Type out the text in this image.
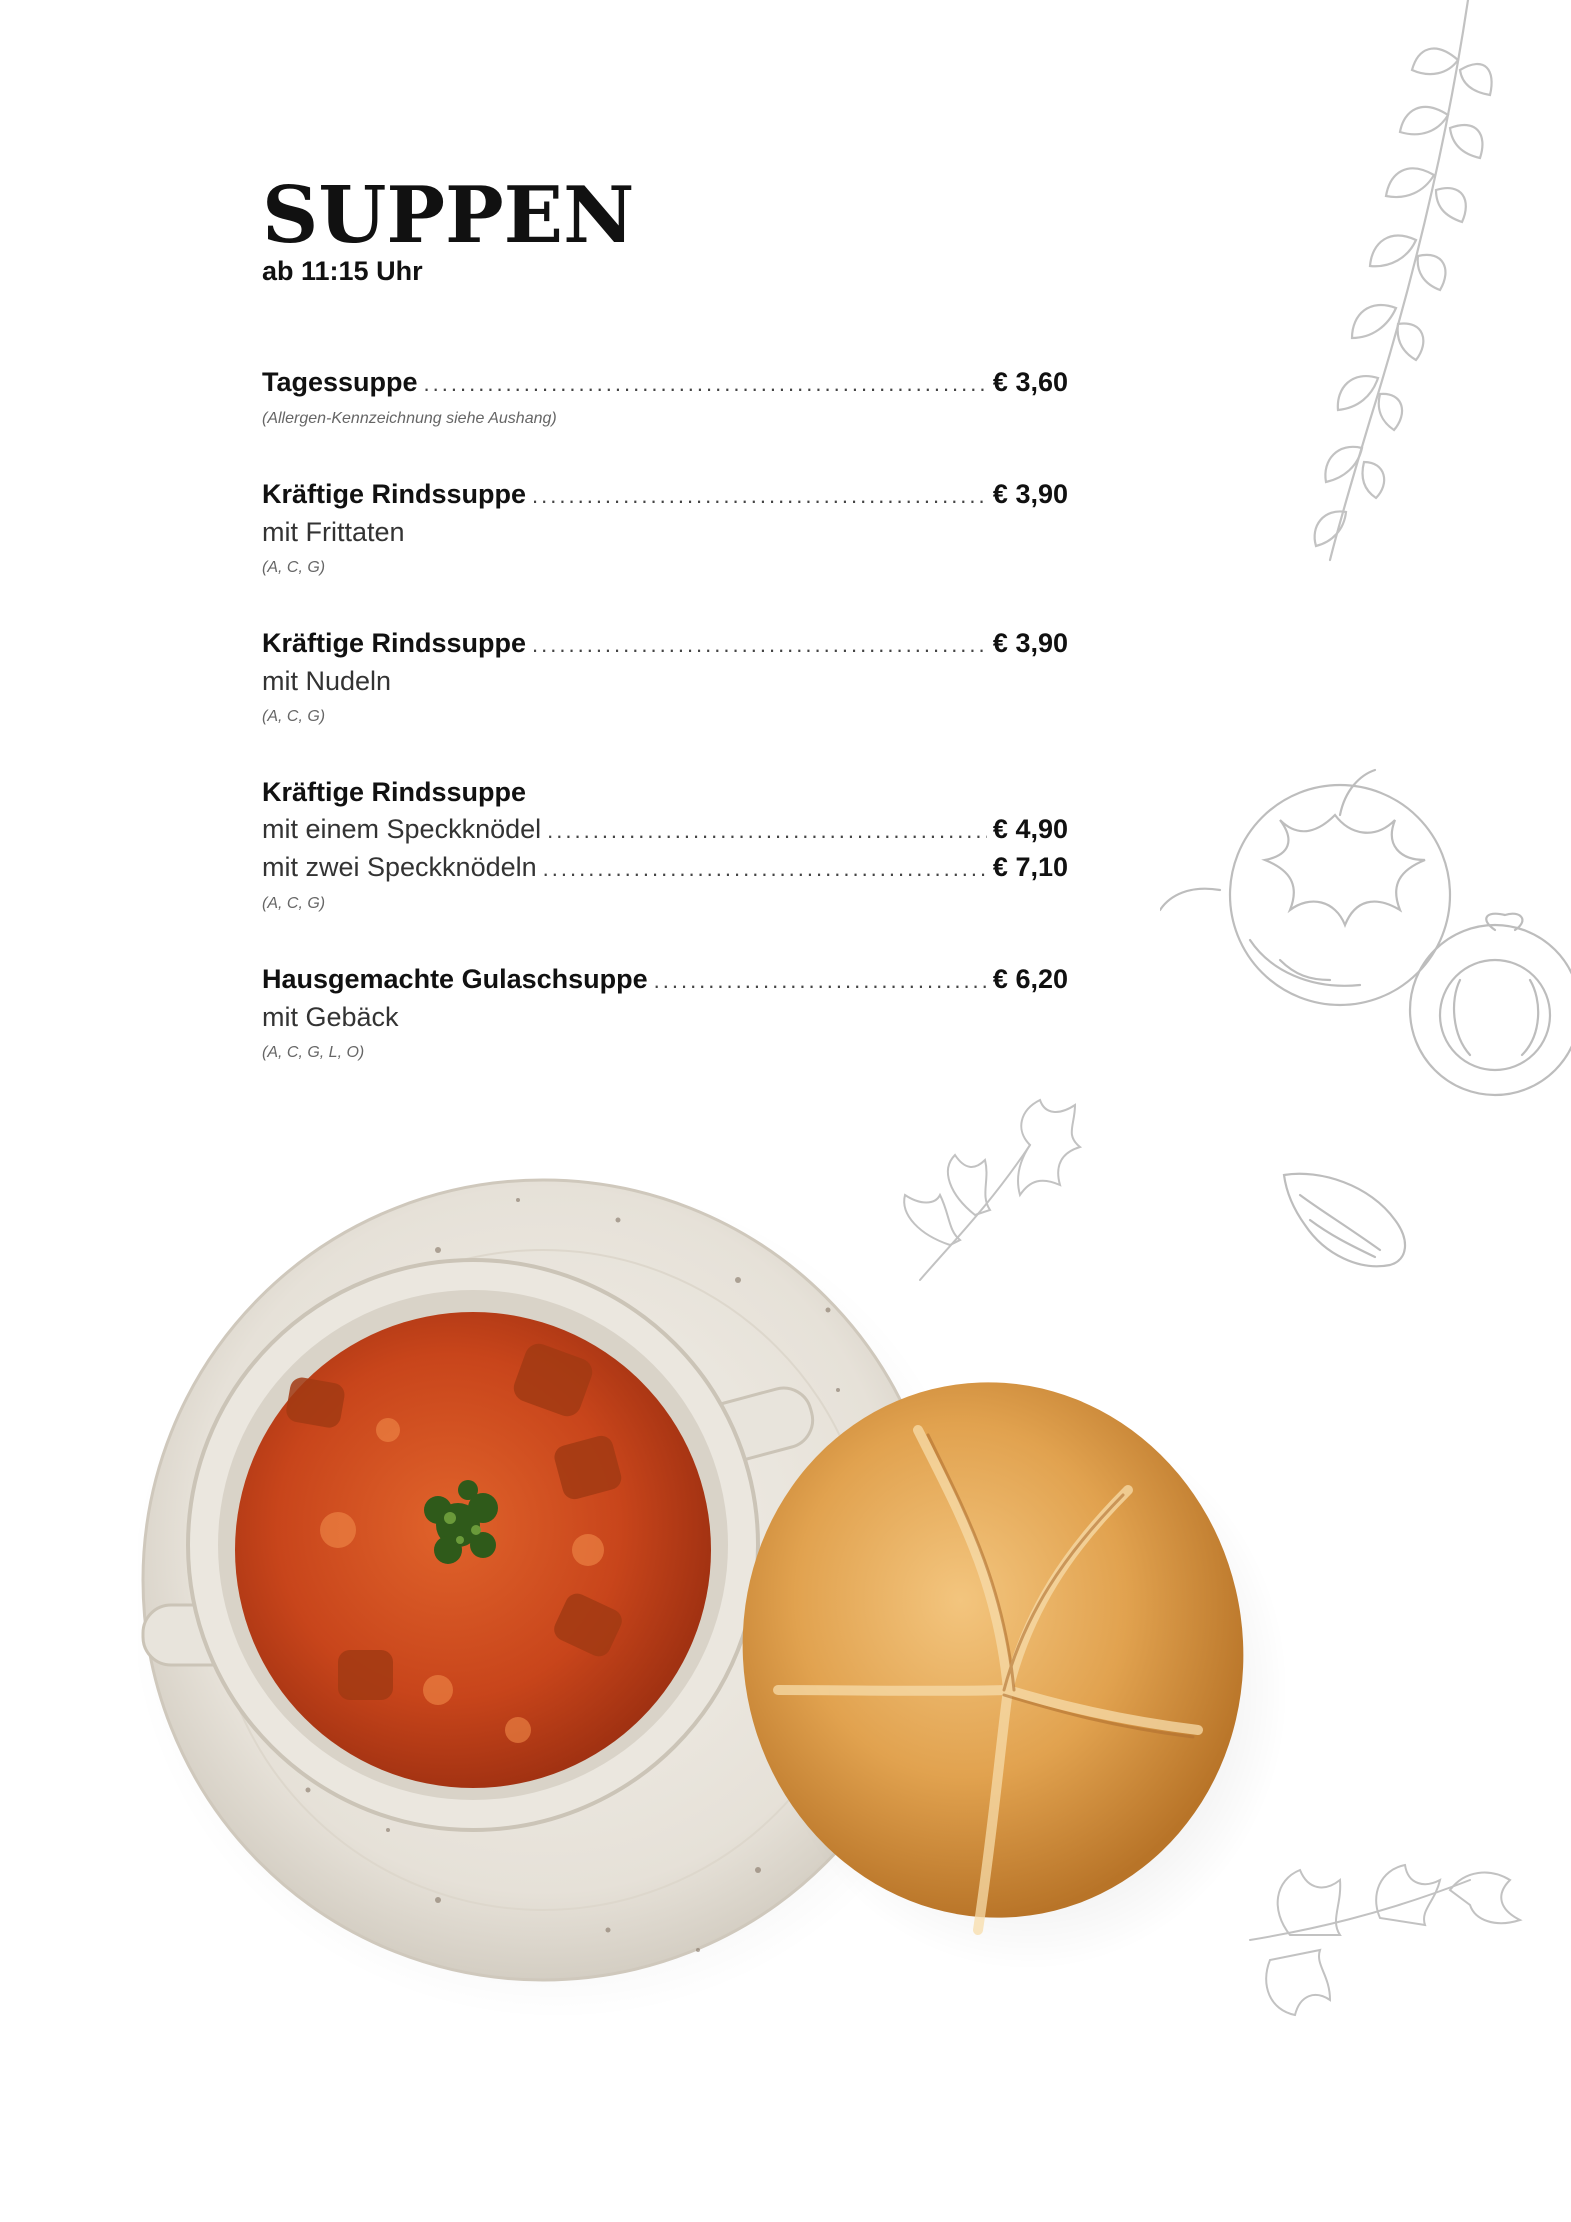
SUPPEN
ab 11:15 Uhr
Tagessuppe .....	€ 3,60
(Allergen-Kennzeichnung siehe Aushang)
Kräftige Rindssuppe .....	€ 3,90
mit Frittaten
(A, C, G)
Kräftige Rindssuppe .....	€ 3,90
mit Nudeln
(A, C, G)
Kräftige Rindssuppe
mit einem Speckknödel .....	€ 4,90
mit zwei Speckknödeln .....	€ 7,10
(A, C, G)
Hausgemachte Gulaschsuppe .....	€ 6,20
mit Gebäck
(A, C, G, L, O)
